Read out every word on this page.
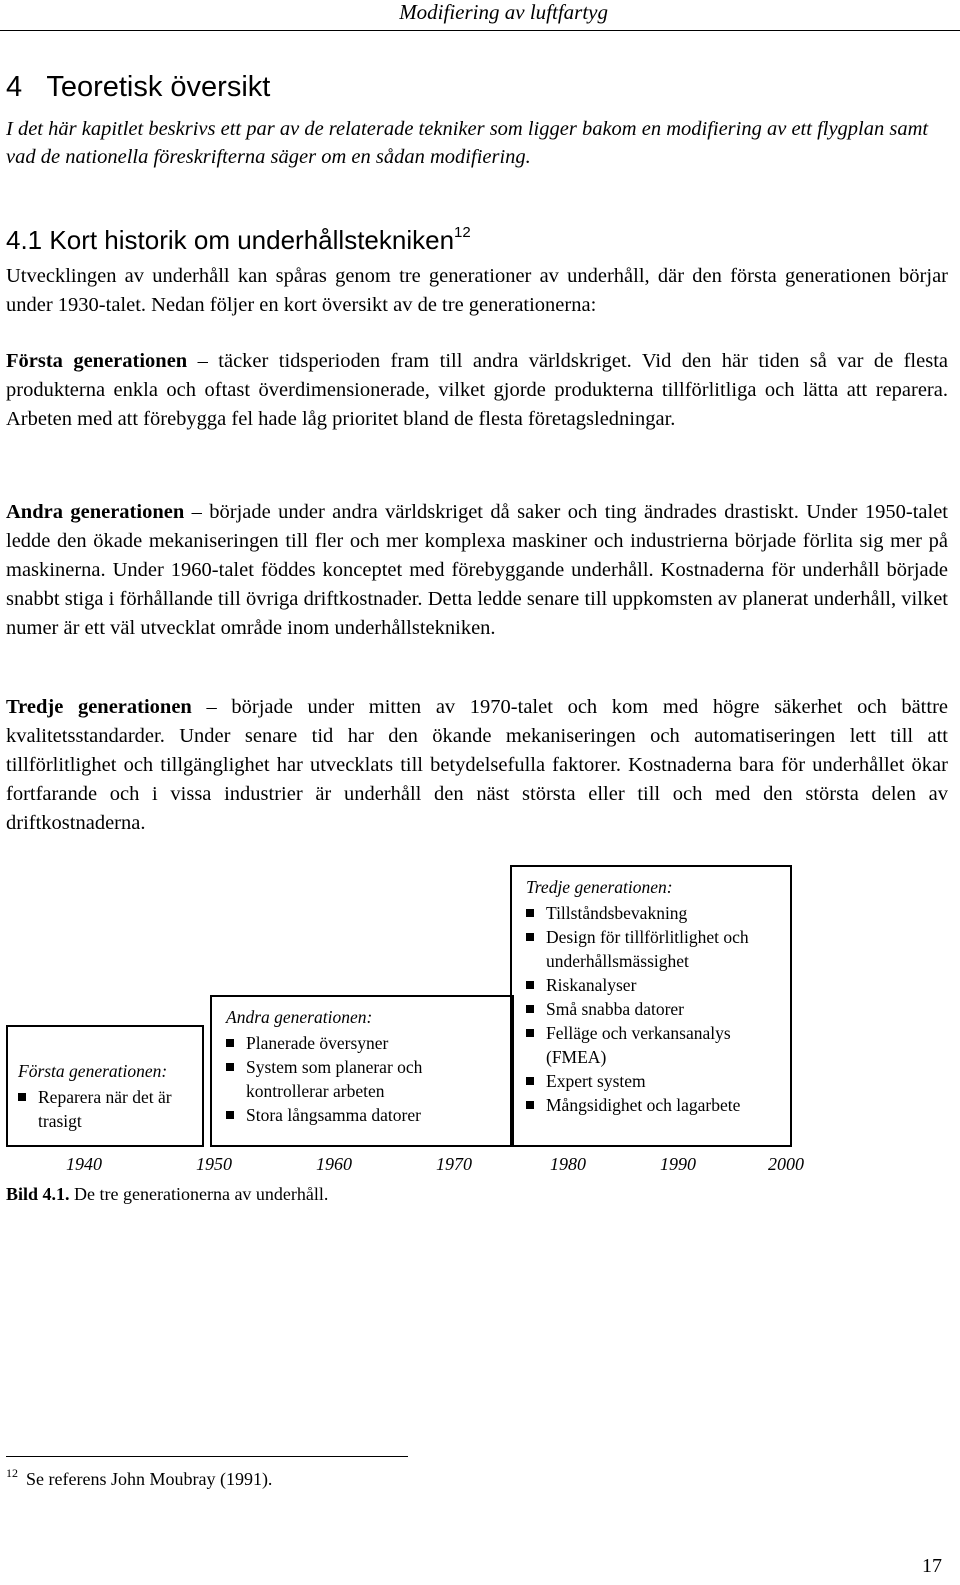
Modifiering av luftfartyg
4 Teoretisk översikt
I det här kapitlet beskrivs ett par av de relaterade tekniker som ligger bakom en modifiering av ett flygplan samt vad de nationella föreskrifterna säger om en sådan modifiering.
4.1 Kort historik om underhållstekniken$^{12}$
Utvecklingen av underhåll kan spåras genom tre generationer av underhåll, där den första generationen börjar under 1930-talet. Nedan följer en kort översikt av de tre generationerna:
Första generationen – täcker tidsperioden fram till andra världskriget. Vid den här tiden så var de flesta produkterna enkla och oftast överdimensionerade, vilket gjorde produkterna tillförlitliga och lätta att reparera. Arbeten med att förebygga fel hade låg prioritet bland de flesta företagsledningar.
Andra generationen – började under andra världskriget då saker och ting ändrades drastiskt. Under 1950-talet ledde den ökade mekaniseringen till fler och mer komplexa maskiner och industrierna började förlita sig mer på maskinerna. Under 1960-talet föddes konceptet med förebyggande underhåll. Kostnaderna för underhåll började snabbt stiga i förhållande till övriga driftkostnader. Detta ledde senare till uppkomsten av planerat underhåll, vilket numer är ett väl utvecklat område inom underhållstekniken.
Tredje generationen – började under mitten av 1970-talet och kom med högre säkerhet och bättre kvalitetsstandarder. Under senare tid har den ökande mekaniseringen och automatiseringen lett till att tillförlitlighet och tillgänglighet har utvecklats till betydelsefulla faktorer. Kostnaderna bara för underhållet ökar fortfarande och i vissa industrier är underhåll den näst största eller till och med den största delen av driftkostnaderna.
Första generationen:
Reparera när det är trasigt
Andra generationen:
Planerade översyner
System som planerar och kontrollerar arbeten
Stora långsamma datorer
Tredje generationen:
Tillståndsbevakning
Design för tillförlitlighet och underhållsmässighet
Riskanalyser
Små snabba datorer
Felläge och verkansanalys (FMEA)
Expert system
Mångsidighet och lagarbete
1940	1950	1960	1970	1980	1990	2000
Bild 4.1. De tre generationerna av underhåll.
$^{12}$ Se referens John Moubray (1991).
17
